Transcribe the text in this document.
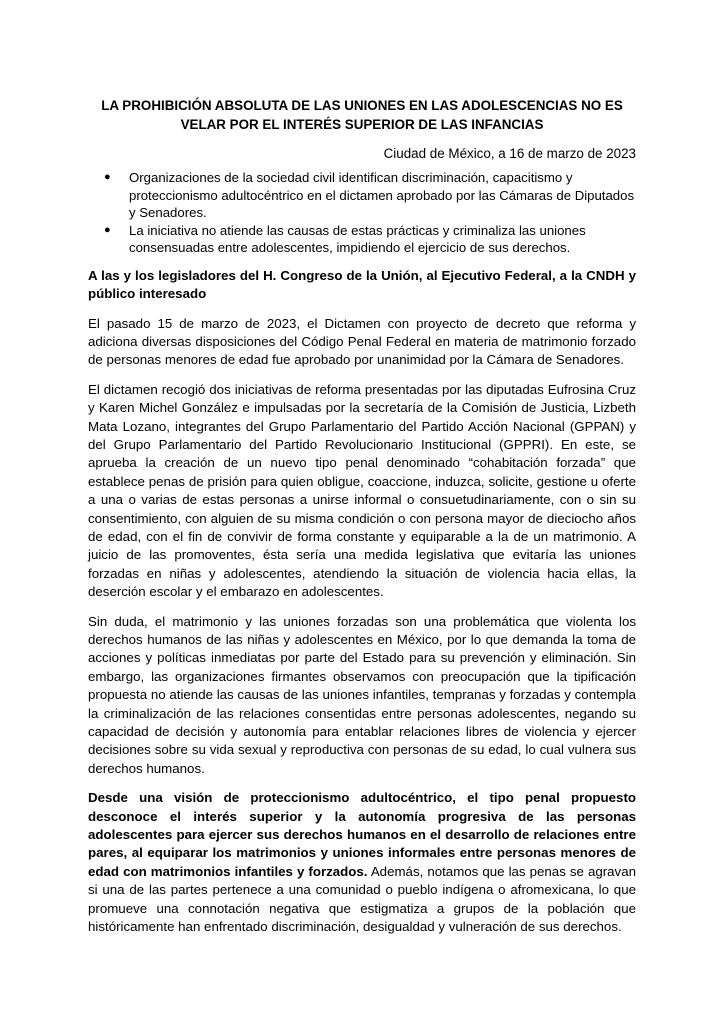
LA PROHIBICIÓN ABSOLUTA DE LAS UNIONES EN LAS ADOLESCENCIAS NO ES
VELAR POR EL INTERÉS SUPERIOR DE LAS INFANCIAS
Ciudad de México, a 16 de marzo de 2023
● Organizaciones de la sociedad civil identifican discriminación, capacitismo y proteccionismo adultocéntrico en el dictamen aprobado por las Cámaras de Diputados y Senadores.
● La iniciativa no atiende las causas de estas prácticas y criminaliza las uniones consensuadas entre adolescentes, impidiendo el ejercicio de sus derechos.
A las y los legisladores del H. Congreso de la Unión, al Ejecutivo Federal, a la CNDH y público interesado

El pasado 15 de marzo de 2023, el Dictamen con proyecto de decreto que reforma y adiciona diversas disposiciones del Código Penal Federal en materia de matrimonio forzado de personas menores de edad fue aprobado por unanimidad por la Cámara de Senadores.

El dictamen recogió dos iniciativas de reforma presentadas por las diputadas Eufrosina Cruz y Karen Michel González e impulsadas por la secretaría de la Comisión de Justicia, Lizbeth Mata Lozano, integrantes del Grupo Parlamentario del Partido Acción Nacional (GPPAN) y del Grupo Parlamentario del Partido Revolucionario Institucional (GPPRI). En este, se aprueba la creación de un nuevo tipo penal denominado “cohabitación forzada” que establece penas de prisión para quien obligue, coaccione, induzca, solicite, gestione u oferte a una o varias de estas personas a unirse informal o consuetudinariamente, con o sin su consentimiento, con alguien de su misma condición o con persona mayor de dieciocho años de edad, con el fin de convivir de forma constante y equiparable a la de un matrimonio. A juicio de las promoventes, ésta sería una medida legislativa que evitaría las uniones forzadas en niñas y adolescentes, atendiendo la situación de violencia hacia ellas, la deserción escolar y el embarazo en adolescentes.

Sin duda, el matrimonio y las uniones forzadas son una problemática que violenta los derechos humanos de las niñas y adolescentes en México, por lo que demanda la toma de acciones y políticas inmediatas por parte del Estado para su prevención y eliminación. Sin embargo, las organizaciones firmantes observamos con preocupación que la tipificación propuesta no atiende las causas de las uniones infantiles, tempranas y forzadas y contempla la criminalización de las relaciones consentidas entre personas adolescentes, negando su capacidad de decisión y autonomía para entablar relaciones libres de violencia y ejercer decisiones sobre su vida sexual y reproductiva con personas de su edad, lo cual vulnera sus derechos humanos.

Desde una visión de proteccionismo adultocéntrico, el tipo penal propuesto desconoce el interés superior y la autonomía progresiva de las personas adolescentes para ejercer sus derechos humanos en el desarrollo de relaciones entre pares, al equiparar los matrimonios y uniones informales entre personas menores de edad con matrimonios infantiles y forzados. Además, notamos que las penas se agravan si una de las partes pertenece a una comunidad o pueblo indígena o afromexicana, lo que promueve una connotación negativa que estigmatiza a grupos de la población que históricamente han enfrentado discriminación, desigualdad y vulneración de sus derechos.
